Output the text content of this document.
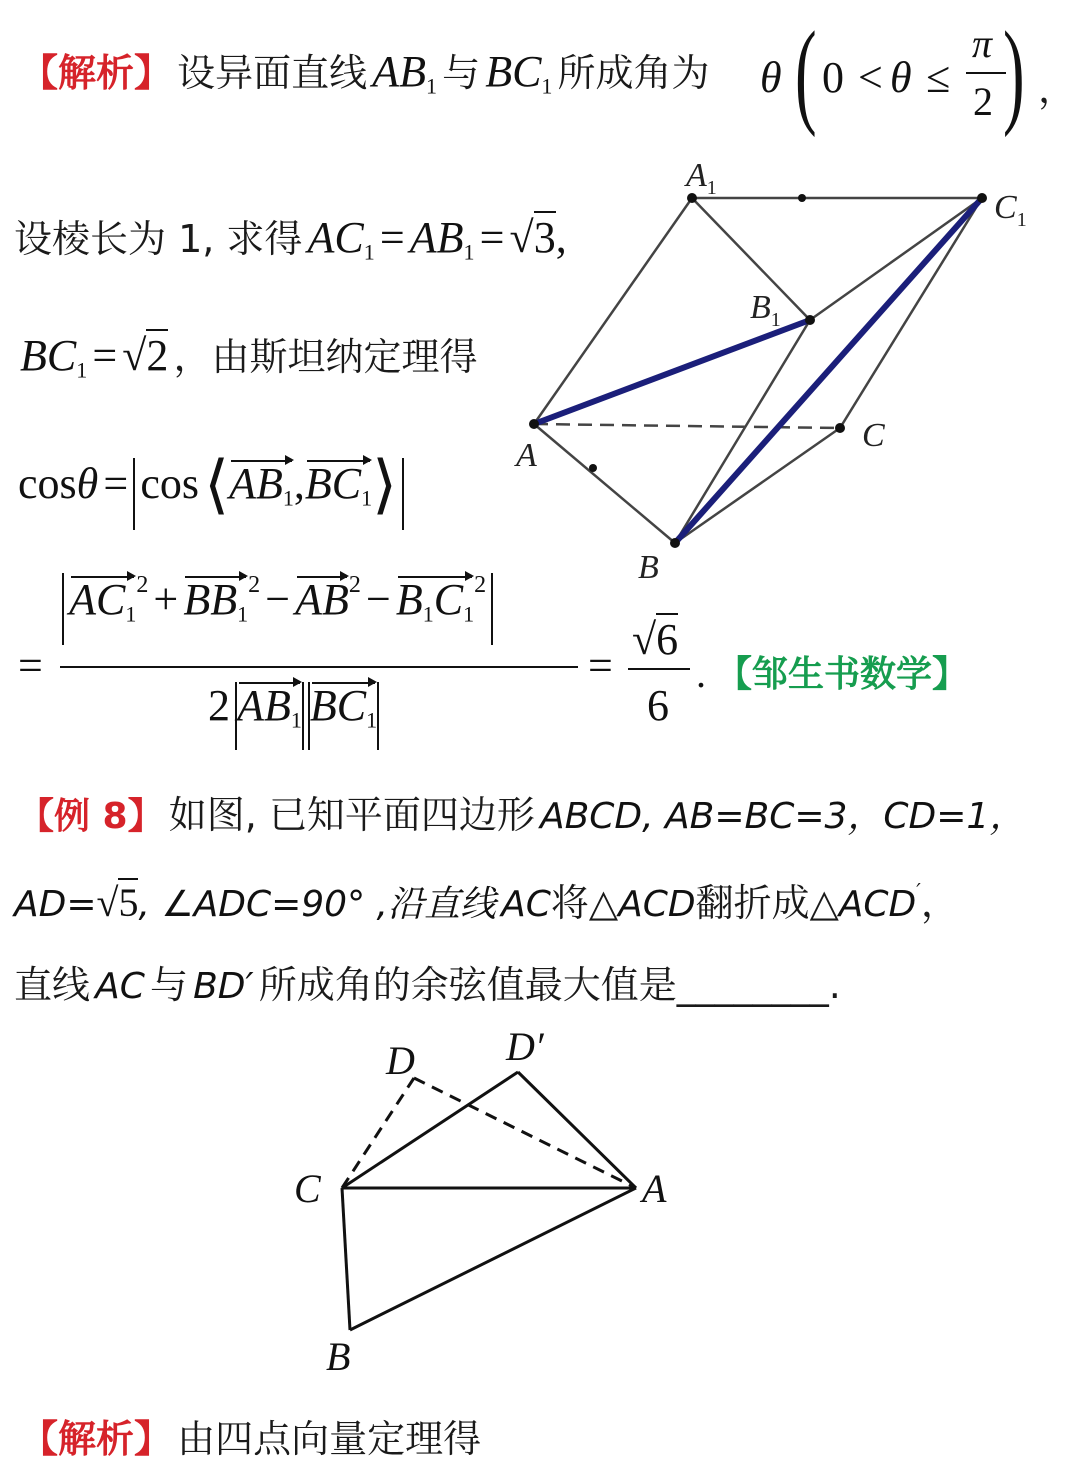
【解析】 设异面直线 $AB_1$ 与 $BC_1$ 所成角为 θ ( 0 < θ ≤
π
2 ) ，
设棱长为 1, 求得 $AC_1 = AB_1 = √3$,
$BC_1 = √2$ ，由斯坦纳定理得
$\cos\theta = \cos ⟨AB_1,BC_1⟩$
=
$AC_12 + BB_12 - AB2 - B_1C_12$
2 $AB_1$ $BC_1$
=
√6
6
. 【邹生书数学】
$A_1$
$C_1$
$B_1$
A
C
B
【例 8】 如图, 已知平面四边形 ABCD, AB=BC=3，CD=1，
AD=√5, ∠ADC=90° ,沿直线 AC将△ACD翻折成△ACD′，
直线 AC 与 BD′ 所成角的余弦值最大值是________.
D D′
C	A
B
【解析】 由四点向量定理得
